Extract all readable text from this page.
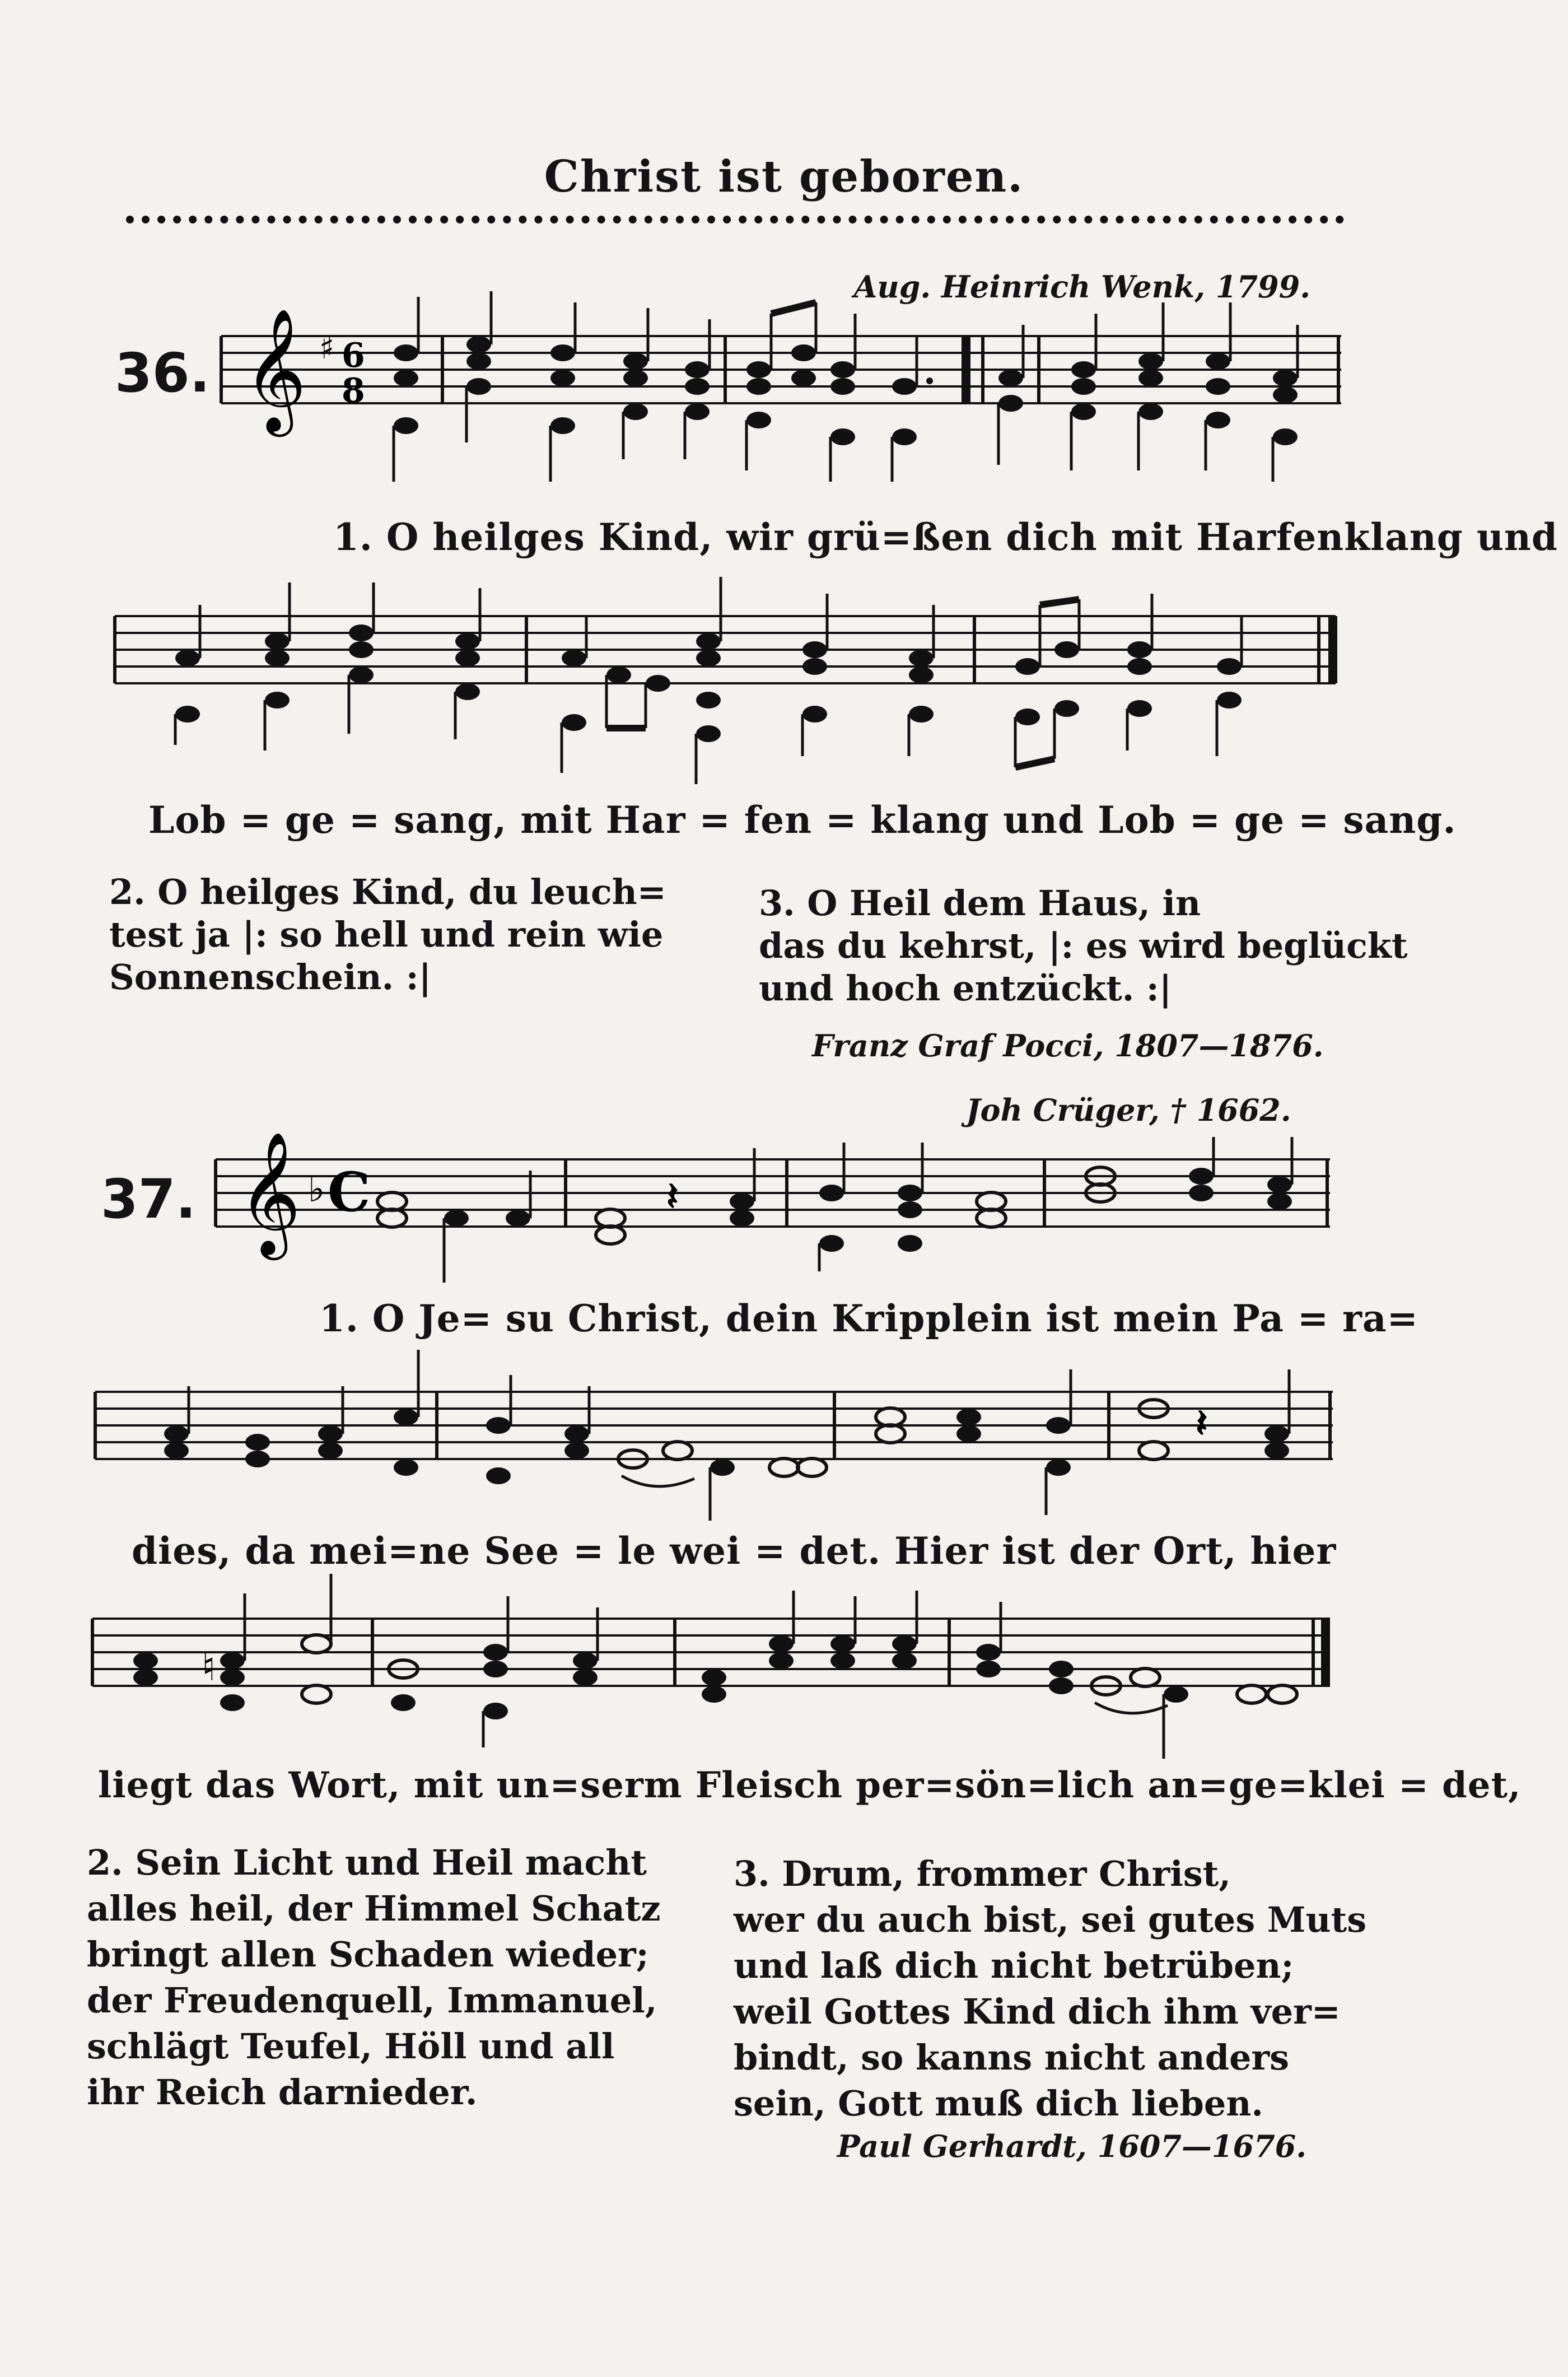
Christ ist geboren.
Aug. Heinrich Wenk, 1799.
36. 𝄞 ♯ 6
8
1. O heilges Kind, wir grü=ßen dich mit Harfenklang und
Lob = ge = sang, mit Har = fen = klang und Lob = ge = sang.
2. O heilges Kind, du leuch=
test ja |: so hell und rein wie
Sonnenschein. :|
3. O Heil dem Haus, in
das du kehrst, |: es wird beglückt
und hoch entzückt. :|
Franz Graf Pocci, 1807—1876.
Joh Crüger, † 1662.
37. 𝄞 ♭ C	𝄽
1. O Je= su Christ, dein Kripplein ist mein Pa = ra=
𝄽
dies, da mei=ne See = le wei = det. Hier ist der Ort, hier
♮
liegt das Wort, mit un=serm Fleisch per=sön=lich an=ge=klei = det,
2. Sein Licht und Heil macht
alles heil, der Himmel Schatz
bringt allen Schaden wieder;
der Freudenquell, Immanuel,
schlägt Teufel, Höll und all
ihr Reich darnieder.
3. Drum, frommer Christ,
wer du auch bist, sei gutes Muts
und laß dich nicht betrüben;
weil Gottes Kind dich ihm ver=
bindt, so kanns nicht anders
sein, Gott muß dich lieben.
Paul Gerhardt, 1607—1676.
